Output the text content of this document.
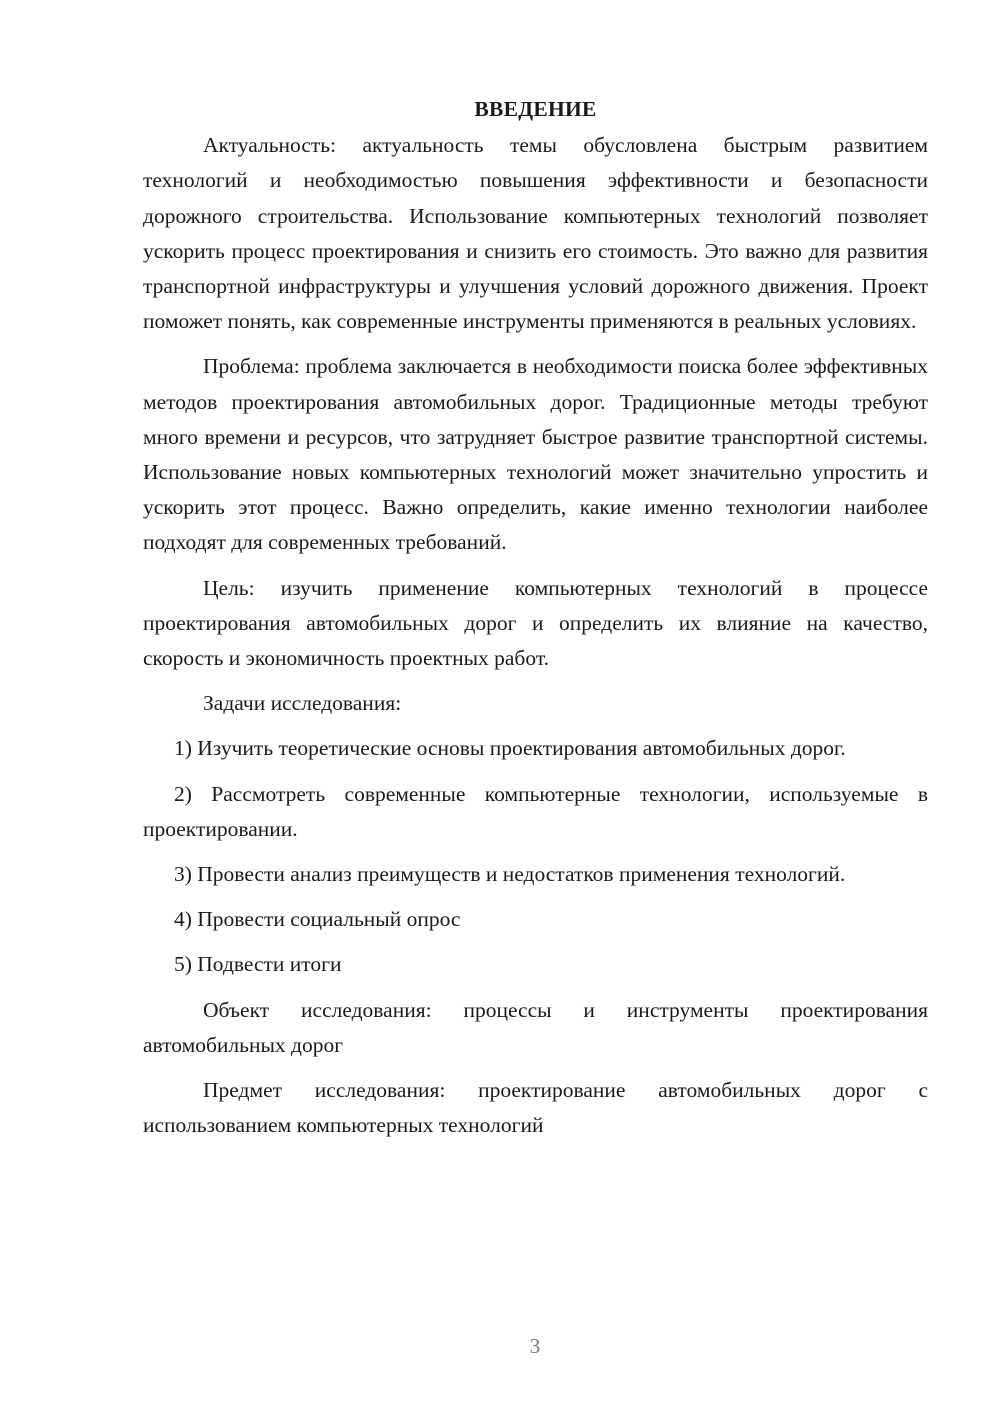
ВВЕДЕНИЕ

Актуальность: актуальность темы обусловлена быстрым развитием технологий и необходимостью повышения эффективности и безопасности дорожного строительства. Использование компьютерных технологий позволяет ускорить процесс проектирования и снизить его стоимость. Это важно для развития транспортной инфраструктуры и улучшения условий дорожного движения. Проект поможет понять, как современные инструменты применяются в реальных условиях.

Проблема: проблема заключается в необходимости поиска более эффективных методов проектирования автомобильных дорог. Традиционные методы требуют много времени и ресурсов, что затрудняет быстрое развитие транспортной системы. Использование новых компьютерных технологий может значительно упростить и ускорить этот процесс. Важно определить, какие именно технологии наиболее подходят для современных требований.

Цель: изучить применение компьютерных технологий в процессе проектирования автомобильных дорог и определить их влияние на качество, скорость и экономичность проектных работ.

Задачи исследования:

1) Изучить теоретические основы проектирования автомобильных дорог.

2) Рассмотреть современные компьютерные технологии, используемые в проектировании.

3) Провести анализ преимуществ и недостатков применения технологий.

4) Провести социальный опрос

5) Подвести итоги

Объект исследования: процессы и инструменты проектирования автомобильных дорог

Предмет исследования: проектирование автомобильных дорог с использованием компьютерных технологий

3
